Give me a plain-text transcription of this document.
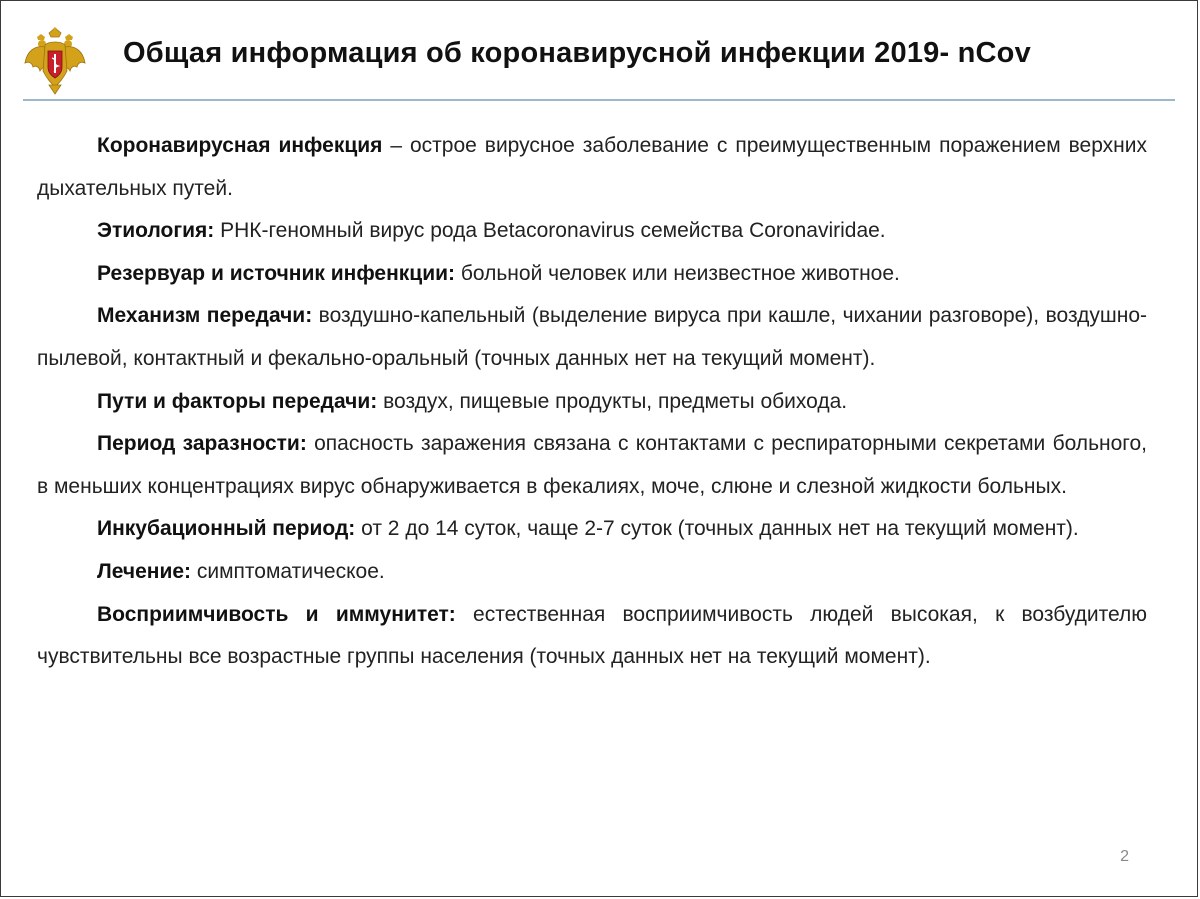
Общая информация об коронавирусной инфекции 2019- nCov

Коронавирусная инфекция – острое вирусное заболевание с преимущественным поражением верхних дыхательных путей.

Этиология: РНК-геномный вирус рода Betacoronavirus семейства Coronaviridae.

Резервуар и источник инфенкции: больной человек или неизвестное животное.

Механизм передачи: воздушно-капельный (выделение вируса при кашле, чихании разговоре), воздушно-пылевой, контактный и фекально-оральный (точных данных нет на текущий момент).

Пути и факторы передачи: воздух, пищевые продукты, предметы обихода.

Период заразности: опасность заражения связана с контактами с респираторными секретами больного, в меньших концентрациях вирус обнаруживается в фекалиях, моче, слюне и слезной жидкости больных.

Инкубационный период: от 2 до 14 суток, чаще 2-7 суток (точных данных нет на текущий момент).

Лечение: симптоматическое.

Восприимчивость и иммунитет: естественная восприимчивость людей высокая, к возбудителю чувствительны все возрастные группы населения (точных данных нет на текущий момент).

2
